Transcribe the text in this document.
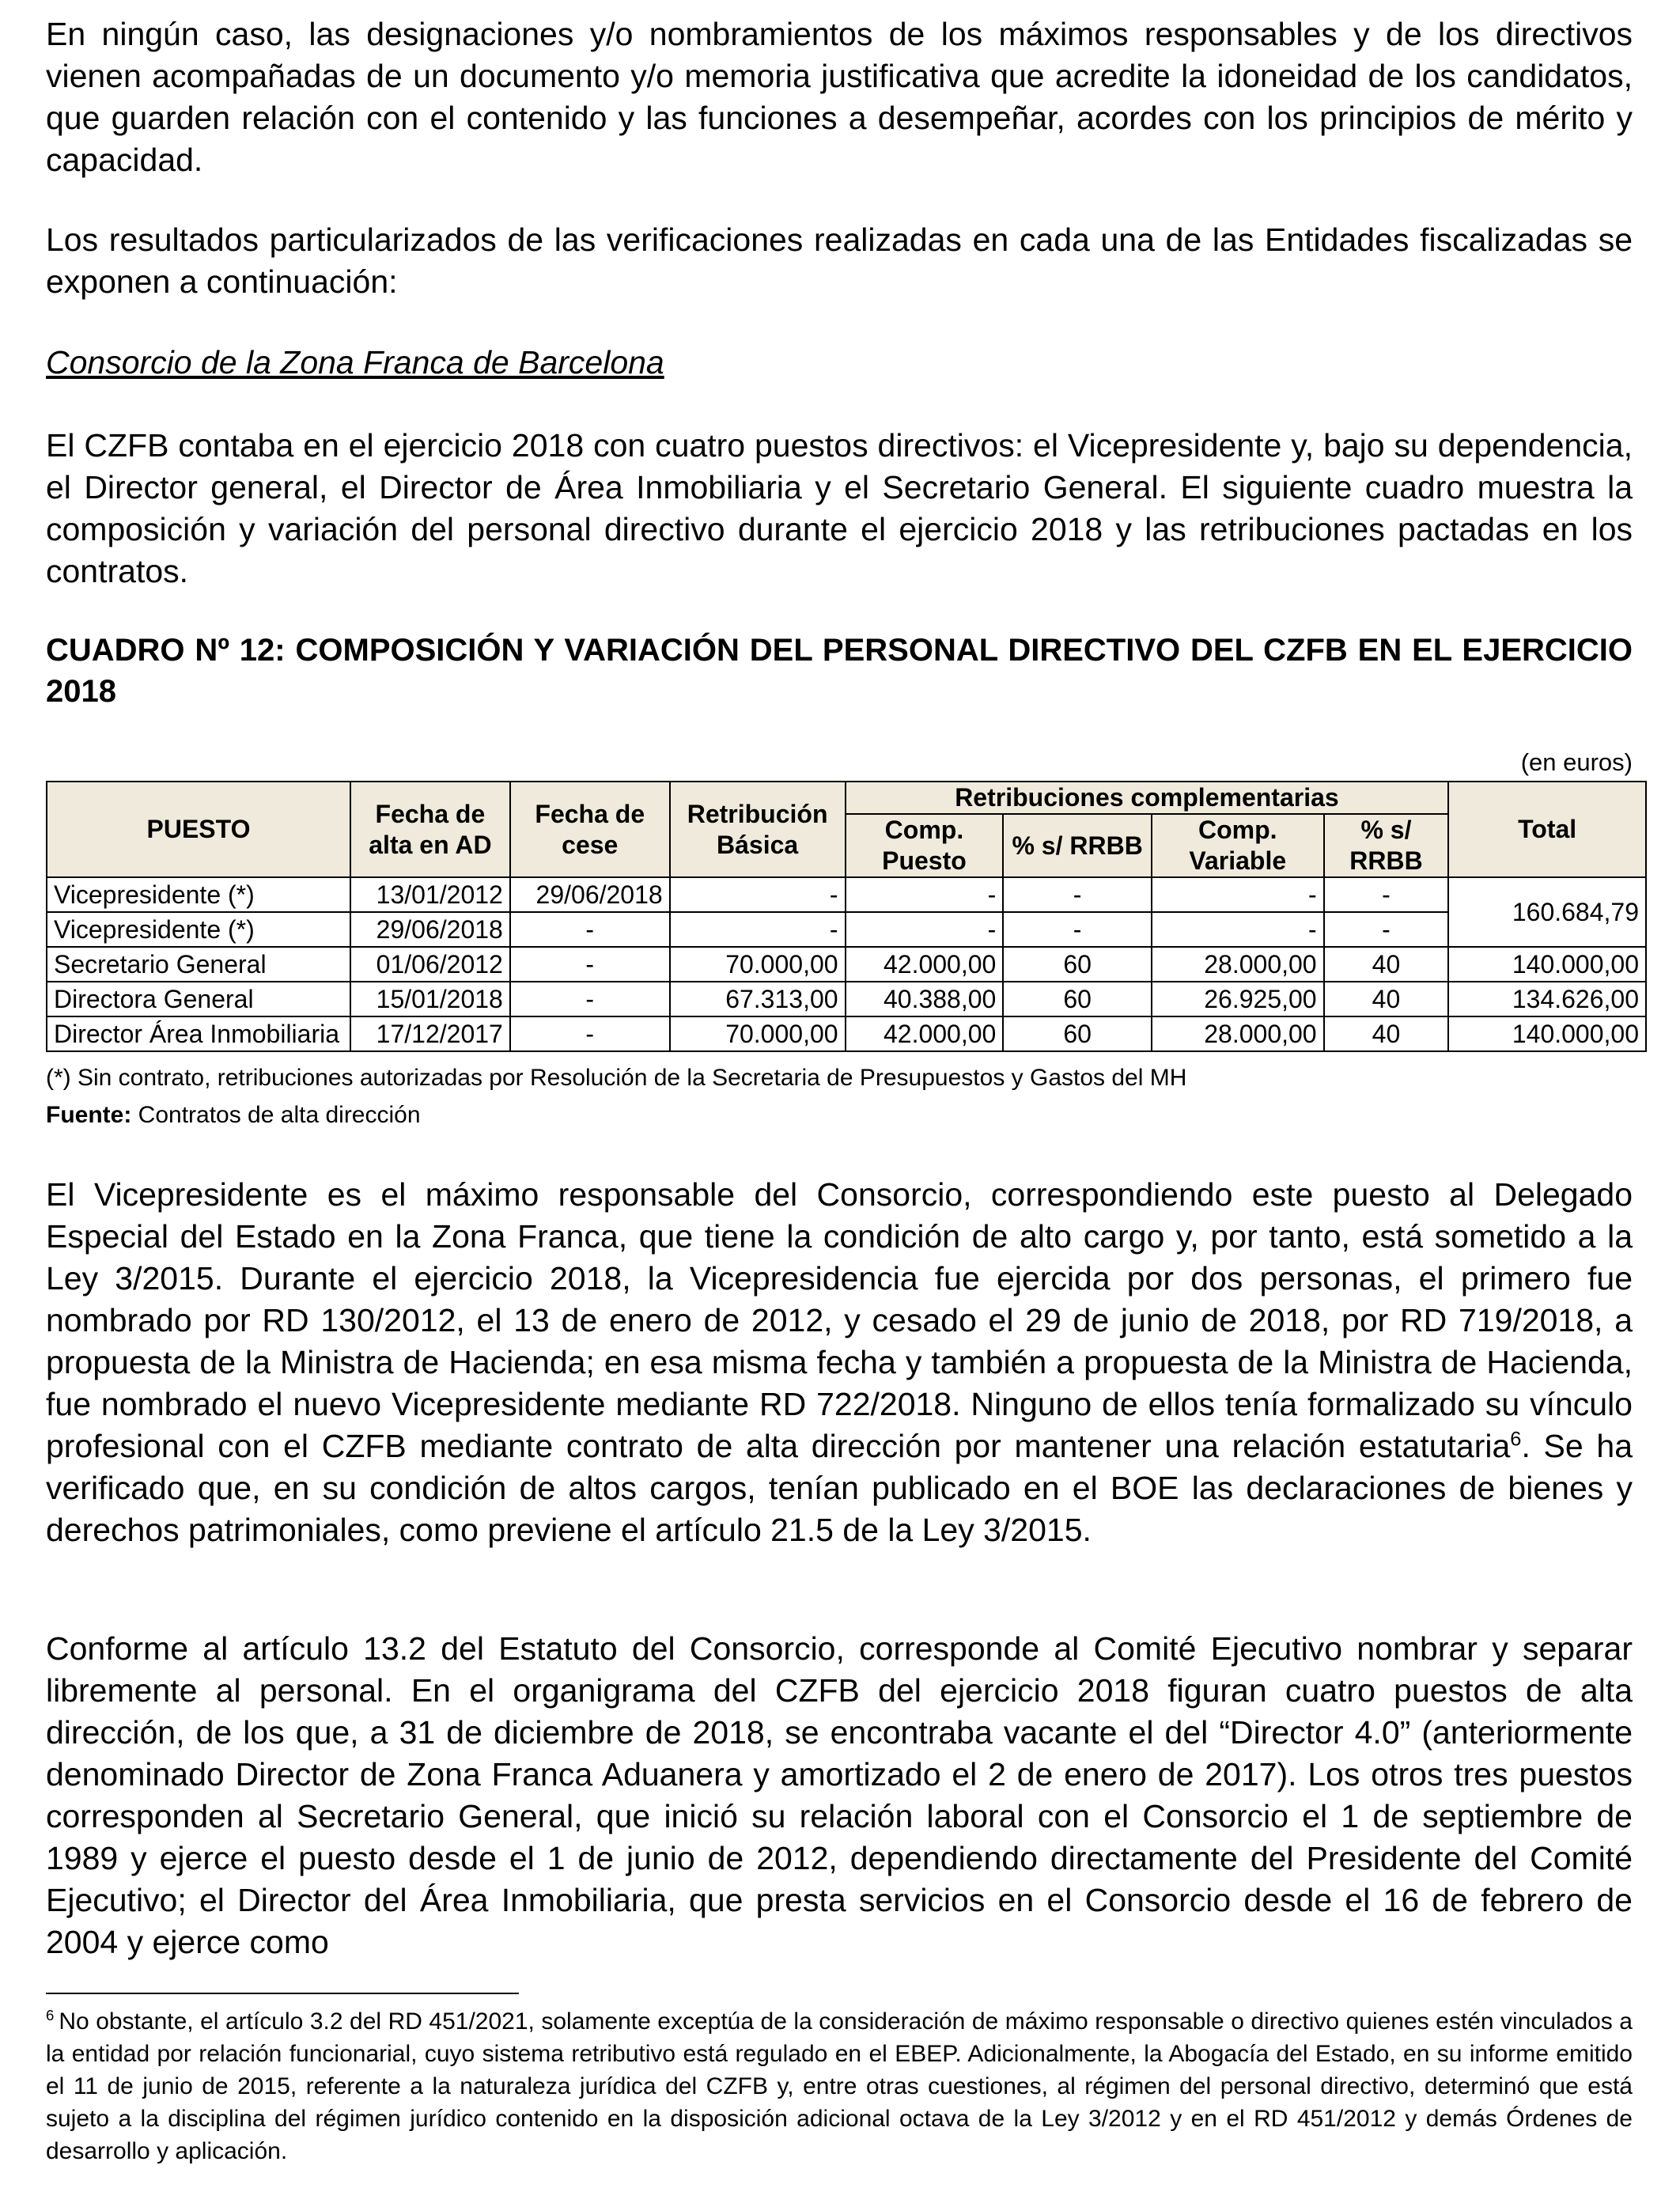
En ningún caso, las designaciones y/o nombramientos de los máximos responsables y de los directivos vienen acompañadas de un documento y/o memoria justificativa que acredite la idoneidad de los candidatos, que guarden relación con el contenido y las funciones a desempeñar, acordes con los principios de mérito y capacidad.

Los resultados particularizados de las verificaciones realizadas en cada una de las Entidades fiscalizadas se exponen a continuación:

Consorcio de la Zona Franca de Barcelona

El CZFB contaba en el ejercicio 2018 con cuatro puestos directivos: el Vicepresidente y, bajo su dependencia, el Director general, el Director de Área Inmobiliaria y el Secretario General. El siguiente cuadro muestra la composición y variación del personal directivo durante el ejercicio 2018 y las retribuciones pactadas en los contratos.

CUADRO Nº 12: COMPOSICIÓN Y VARIACIÓN DEL PERSONAL DIRECTIVO DEL CZFB EN EL EJERCICIO 2018

(en euros)
PUESTO	Fecha de alta en AD	Fecha de cese	Retribución Básica	Retribuciones complementarias				Total
				Comp. Puesto	% s/ RRBB	Comp. Variable	% s/ RRBB	
Vicepresidente (*)	13/01/2012	29/06/2018	-	-	-	-	-	160.684,79
Vicepresidente (*)	29/06/2018	-	-	-	-	-	-	
Secretario General	01/06/2012	-	70.000,00	42.000,00	60	28.000,00	40	140.000,00
Directora General	15/01/2018	-	67.313,00	40.388,00	60	26.925,00	40	134.626,00
Director Área Inmobiliaria	17/12/2017	-	70.000,00	42.000,00	60	28.000,00	40	140.000,00

(*) Sin contrato, retribuciones autorizadas por Resolución de la Secretaria de Presupuestos y Gastos del MH

Fuente: Contratos de alta dirección

El Vicepresidente es el máximo responsable del Consorcio, correspondiendo este puesto al Delegado Especial del Estado en la Zona Franca, que tiene la condición de alto cargo y, por tanto, está sometido a la Ley 3/2015. Durante el ejercicio 2018, la Vicepresidencia fue ejercida por dos personas, el primero fue nombrado por RD 130/2012, el 13 de enero de 2012, y cesado el 29 de junio de 2018, por RD 719/2018, a propuesta de la Ministra de Hacienda; en esa misma fecha y también a propuesta de la Ministra de Hacienda, fue nombrado el nuevo Vicepresidente mediante RD 722/2018. Ninguno de ellos tenía formalizado su vínculo profesional con el CZFB mediante contrato de alta dirección por mantener una relación estatutaria$^6$. Se ha verificado que, en su condición de altos cargos, tenían publicado en el BOE las declaraciones de bienes y derechos patrimoniales, como previene el artículo 21.5 de la Ley 3/2015.

Conforme al artículo 13.2 del Estatuto del Consorcio, corresponde al Comité Ejecutivo nombrar y separar libremente al personal. En el organigrama del CZFB del ejercicio 2018 figuran cuatro puestos de alta dirección, de los que, a 31 de diciembre de 2018, se encontraba vacante el del “Director 4.0” (anteriormente denominado Director de Zona Franca Aduanera y amortizado el 2 de enero de 2017). Los otros tres puestos corresponden al Secretario General, que inició su relación laboral con el Consorcio el 1 de septiembre de 1989 y ejerce el puesto desde el 1 de junio de 2012, dependiendo directamente del Presidente del Comité Ejecutivo; el Director del Área Inmobiliaria, que presta servicios en el Consorcio desde el 16 de febrero de 2004 y ejerce como

$^6$ No obstante, el artículo 3.2 del RD 451/2021, solamente exceptúa de la consideración de máximo responsable o directivo quienes estén vinculados a la entidad por relación funcionarial, cuyo sistema retributivo está regulado en el EBEP. Adicionalmente, la Abogacía del Estado, en su informe emitido el 11 de junio de 2015, referente a la naturaleza jurídica del CZFB y, entre otras cuestiones, al régimen del personal directivo, determinó que está sujeto a la disciplina del régimen jurídico contenido en la disposición adicional octava de la Ley 3/2012 y en el RD 451/2012 y demás Órdenes de desarrollo y aplicación.
